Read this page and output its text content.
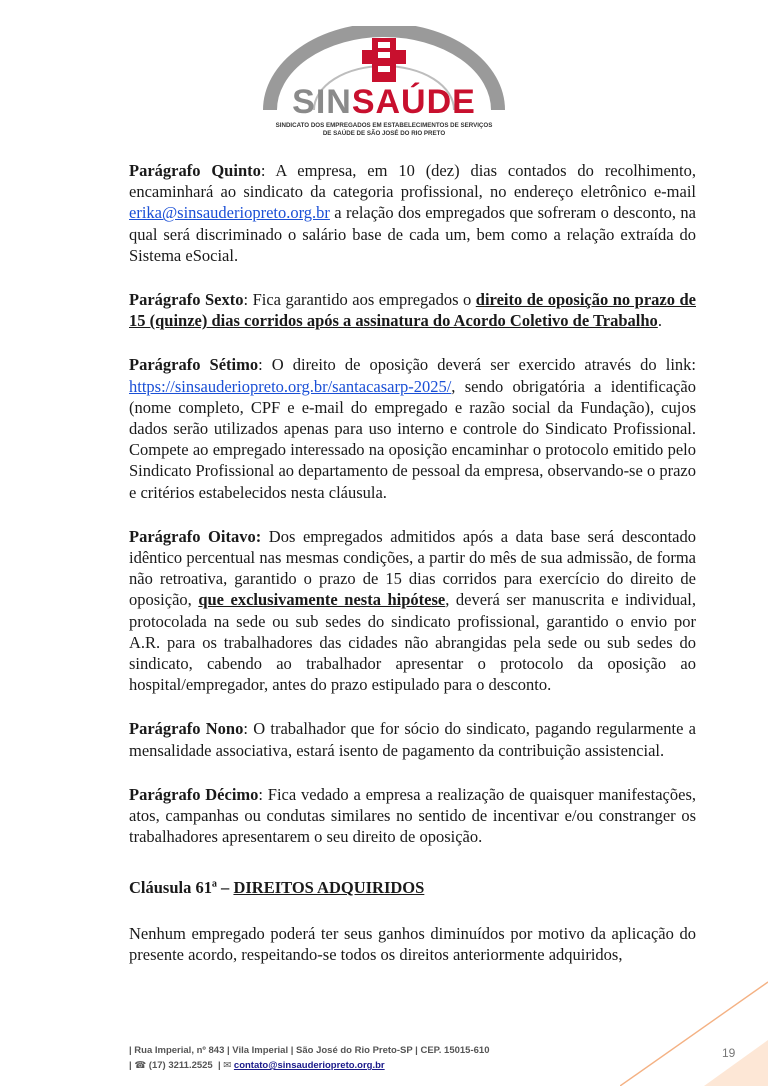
SINSAÚDE
SINDICATO DOS EMPREGADOS EM ESTABELECIMENTOS DE SERVIÇOS
DE SAÚDE DE SÃO JOSÉ DO RIO PRETO

Parágrafo Quinto: A empresa, em 10 (dez) dias contados do recolhimento, encaminhará ao sindicato da categoria profissional, no endereço eletrônico e-mail erika@sinsauderiopreto.org.br a relação dos empregados que sofreram o desconto, na qual será discriminado o salário base de cada um, bem como a relação extraída do Sistema eSocial.

Parágrafo Sexto: Fica garantido aos empregados o direito de oposição no prazo de 15 (quinze) dias corridos após a assinatura do Acordo Coletivo de Trabalho.

Parágrafo Sétimo: O direito de oposição deverá ser exercido através do link: https://sinsauderiopreto.org.br/santacasarp-2025/, sendo obrigatória a identificação (nome completo, CPF e e-mail do empregado e razão social da Fundação), cujos dados serão utilizados apenas para uso interno e controle do Sindicato Profissional. Compete ao empregado interessado na oposição encaminhar o protocolo emitido pelo Sindicato Profissional ao departamento de pessoal da empresa, observando-se o prazo e critérios estabelecidos nesta cláusula.

Parágrafo Oitavo: Dos empregados admitidos após a data base será descontado idêntico percentual nas mesmas condições, a partir do mês de sua admissão, de forma não retroativa, garantido o prazo de 15 dias corridos para exercício do direito de oposição, que exclusivamente nesta hipótese, deverá ser manuscrita e individual, protocolada na sede ou sub sedes do sindicato profissional, garantido o envio por A.R. para os trabalhadores das cidades não abrangidas pela sede ou sub sedes do sindicato, cabendo ao trabalhador apresentar o protocolo da oposição ao hospital/empregador, antes do prazo estipulado para o desconto.

Parágrafo Nono: O trabalhador que for sócio do sindicato, pagando regularmente a mensalidade associativa, estará isento de pagamento da contribuição assistencial.

Parágrafo Décimo: Fica vedado a empresa a realização de quaisquer manifestações, atos, campanhas ou condutas similares no sentido de incentivar e/ou constranger os trabalhadores apresentarem o seu direito de oposição.

Cláusula 61ª – DIREITOS ADQUIRIDOS

Nenhum empregado poderá ter seus ganhos diminuídos por motivo da aplicação do presente acordo, respeitando-se todos os direitos anteriormente adquiridos,

| Rua Imperial, nº 843 | Vila Imperial | São José do Rio Preto-SP | CEP. 15015-610
| ☎ (17) 3211.2525  | ✉ contato@sinsauderiopreto.org.br
19
